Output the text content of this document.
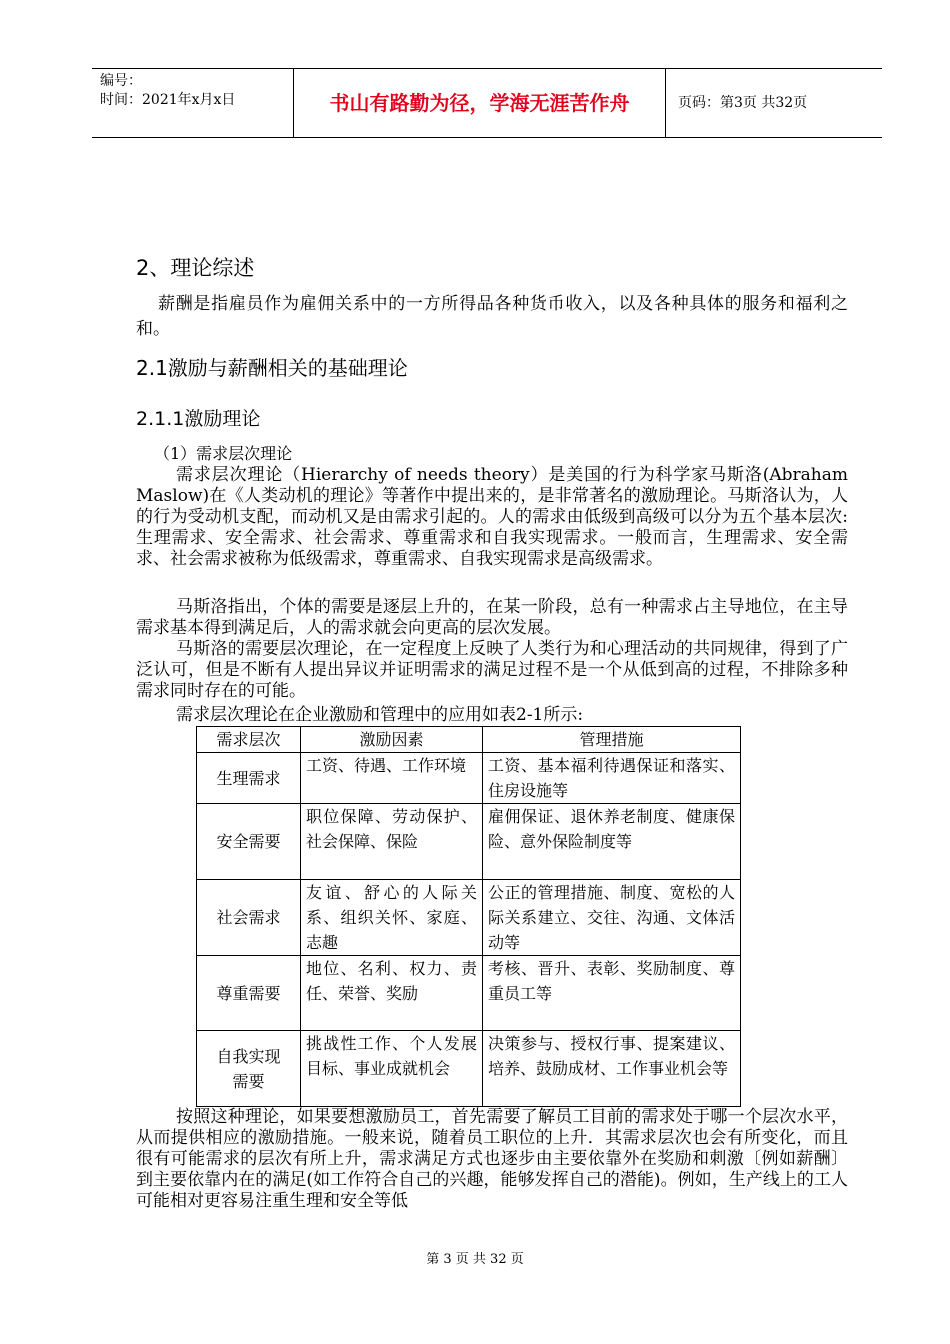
编号：
时间：2021年x月x日	书山有路勤为径，学海无涯苦作舟	页码：第3页 共32页
2、理论综述
薪酬是指雇员作为雇佣关系中的一方所得品各种货币收入，以及各种具体的服务和福利之和。
2.1激励与薪酬相关的基础理论
2.1.1激励理论
（1）需求层次理论
需求层次理论（Hierarchy of needs theory）是美国的行为科学家马斯洛(Abraham Maslow)在《人类动机的理论》等著作中提出来的，是非常著名的激励理论。马斯洛认为，人的行为受动机支配，而动机又是由需求引起的。人的需求由低级到高级可以分为五个基本层次:生理需求、安全需求、社会需求、尊重需求和自我实现需求。一般而言，生理需求、安全需求、社会需求被称为低级需求，尊重需求、自我实现需求是高级需求。
马斯洛指出，个体的需要是逐层上升的，在某一阶段，总有一种需求占主导地位，在主导需求基本得到满足后，人的需求就会向更高的层次发展。
马斯洛的需要层次理论，在一定程度上反映了人类行为和心理活动的共同规律，得到了广泛认可，但是不断有人提出异议并证明需求的满足过程不是一个从低到高的过程，不排除多种需求同时存在的可能。
需求层次理论在企业激励和管理中的应用如表2-1所示:
需求层次	激励因素	管理措施
生理需求	工资、待遇、工作环境	工资、基本福利待遇保证和落实、住房设施等
安全需要	职位保障、劳动保护、社会保障、保险	雇佣保证、退休养老制度、健康保险、意外保险制度等
社会需求	友谊、舒心的人际关系、组织关怀、家庭、志趣	公正的管理措施、制度、宽松的人际关系建立、交往、沟通、文体活动等
尊重需要	地位、名利、权力、责任、荣誉、奖励	考核、晋升、表彰、奖励制度、尊重员工等
自我实现需要	挑战性工作、个人发展目标、事业成就机会	决策参与、授权行事、提案建议、培养、鼓励成材、工作事业机会等
按照这种理论，如果要想激励员工，首先需要了解员工目前的需求处于哪一个层次水平，从而提供相应的激励措施。一般来说，随着员工职位的上升．其需求层次也会有所变化，而且很有可能需求的层次有所上升，需求满足方式也逐步由主要依靠外在奖励和刺激〔例如薪酬〕到主要依靠内在的满足(如工作符合自己的兴趣，能够发挥自己的潜能)。例如，生产线上的工人可能相对更容易注重生理和安全等低
第 3 页 共 32 页
